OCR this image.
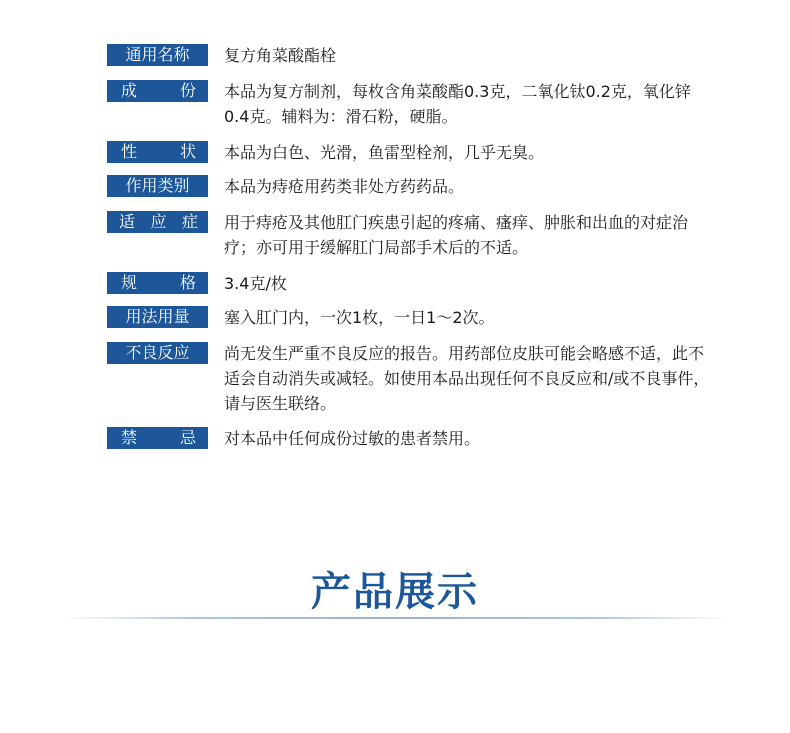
通用名称 复方角菜酸酯栓
成	份 本品为复方制剂，每枚含角菜酸酯0.3克，二氧化钛0.2克，氧化锌0.4克。辅料为：滑石粉，硬脂。
性	状 本品为白色、光滑，鱼雷型栓剂，几乎无臭。
作用类别 本品为痔疮用药类非处方药药品。
适 应 症 用于痔疮及其他肛门疾患引起的疼痛、瘙痒、肿胀和出血的对症治疗；亦可用于缓解肛门局部手术后的不适。
规	格 3.4克/枚
用法用量 塞入肛门内，一次1枚，一日1～2次。
不良反应 尚无发生严重不良反应的报告。用药部位皮肤可能会略感不适，此不适会自动消失或减轻。如使用本品出现任何不良反应和/或不良事件，请与医生联络。
禁	忌 对本品中任何成份过敏的患者禁用。
产品展示
